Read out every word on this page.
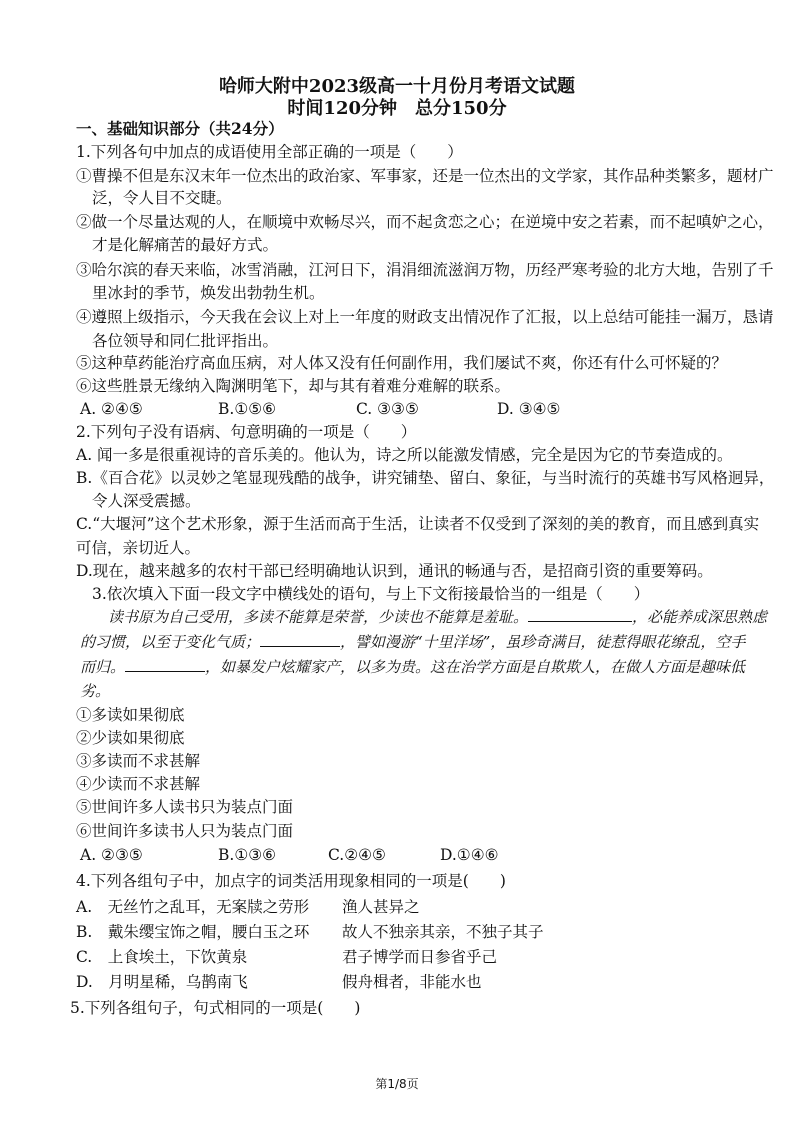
哈师大附中2023级高一十月份月考语文试题
时间120分钟　总分150分
一、基础知识部分（共24分）
1.下列各句中加点的成语使用全部正确的一项是（　　）
①曹操不但是东汉末年一位杰出的政治家、军事家，还是一位杰出的文学家，其作品种类繁多，题材广
泛，令人目不交睫。
②做一个尽量达观的人，在顺境中欢畅尽兴，而不起贪恋之心；在逆境中安之若素，而不起嗔妒之心，
才是化解痛苦的最好方式。
③哈尔滨的春天来临，冰雪消融，江河日下，涓涓细流滋润万物，历经严寒考验的北方大地，告别了千
里冰封的季节，焕发出勃勃生机。
④遵照上级指示，今天我在会议上对上一年度的财政支出情况作了汇报，以上总结可能挂一漏万，恳请
各位领导和同仁批评指出。
⑤这种草药能治疗高血压病，对人体又没有任何副作用，我们屡试不爽，你还有什么可怀疑的？
⑥这些胜景无缘纳入陶渊明笔下，却与其有着难分难解的联系。
A. ②④⑤	B.①⑤⑥	C. ③③⑤	D. ③④⑤
2.下列句子没有语病、句意明确的一项是（　　）
A. 闻一多是很重视诗的音乐美的。他认为，诗之所以能激发情感，完全是因为它的节奏造成的。
B.《百合花》以灵妙之笔显现残酷的战争，讲究铺垫、留白、象征，与当时流行的英雄书写风格迥异，
令人深受震撼。
C.“大堰河”这个艺术形象，源于生活而高于生活，让读者不仅受到了深刻的美的教育，而且感到真实
可信，亲切近人。
D.现在，越来越多的农村干部已经明确地认识到，通讯的畅通与否，是招商引资的重要筹码。
3.依次填入下面一段文字中横线处的语句，与上下文衔接最恰当的一组是（　　）
读书原为自己受用，多读不能算是荣誉，少读也不能算是羞耻。	，必能养成深思熟虑
的习惯，以至于变化气质；	，譬如漫游“十里洋场”，虽珍奇满目，徒惹得眼花缭乱，空手
而归。	，如暴发户炫耀家产，以多为贵。这在治学方面是自欺欺人，在做人方面是趣味低
劣。
①多读如果彻底
②少读如果彻底
③多读而不求甚解
④少读而不求甚解
⑤世间许多人读书只为装点门面
⑥世间许多读书人只为装点门面
A. ②③⑤	B.①③⑥	C.②④⑤	D.①④⑥
4.下列各组句子中，加点字的词类活用现象相同的一项是(　　)
A.　无丝竹之乱耳，无案牍之劳形 渔人甚异之
B.　戴朱缨宝饰之帽，腰白玉之环 故人不独亲其亲，不独子其子
C.　上食埃土，下饮黄泉	君子博学而日参省乎己
D.　月明星稀，乌鹊南飞	假舟楫者，非能水也
5.下列各组句子，句式相同的一项是(　　)
第1/8页
